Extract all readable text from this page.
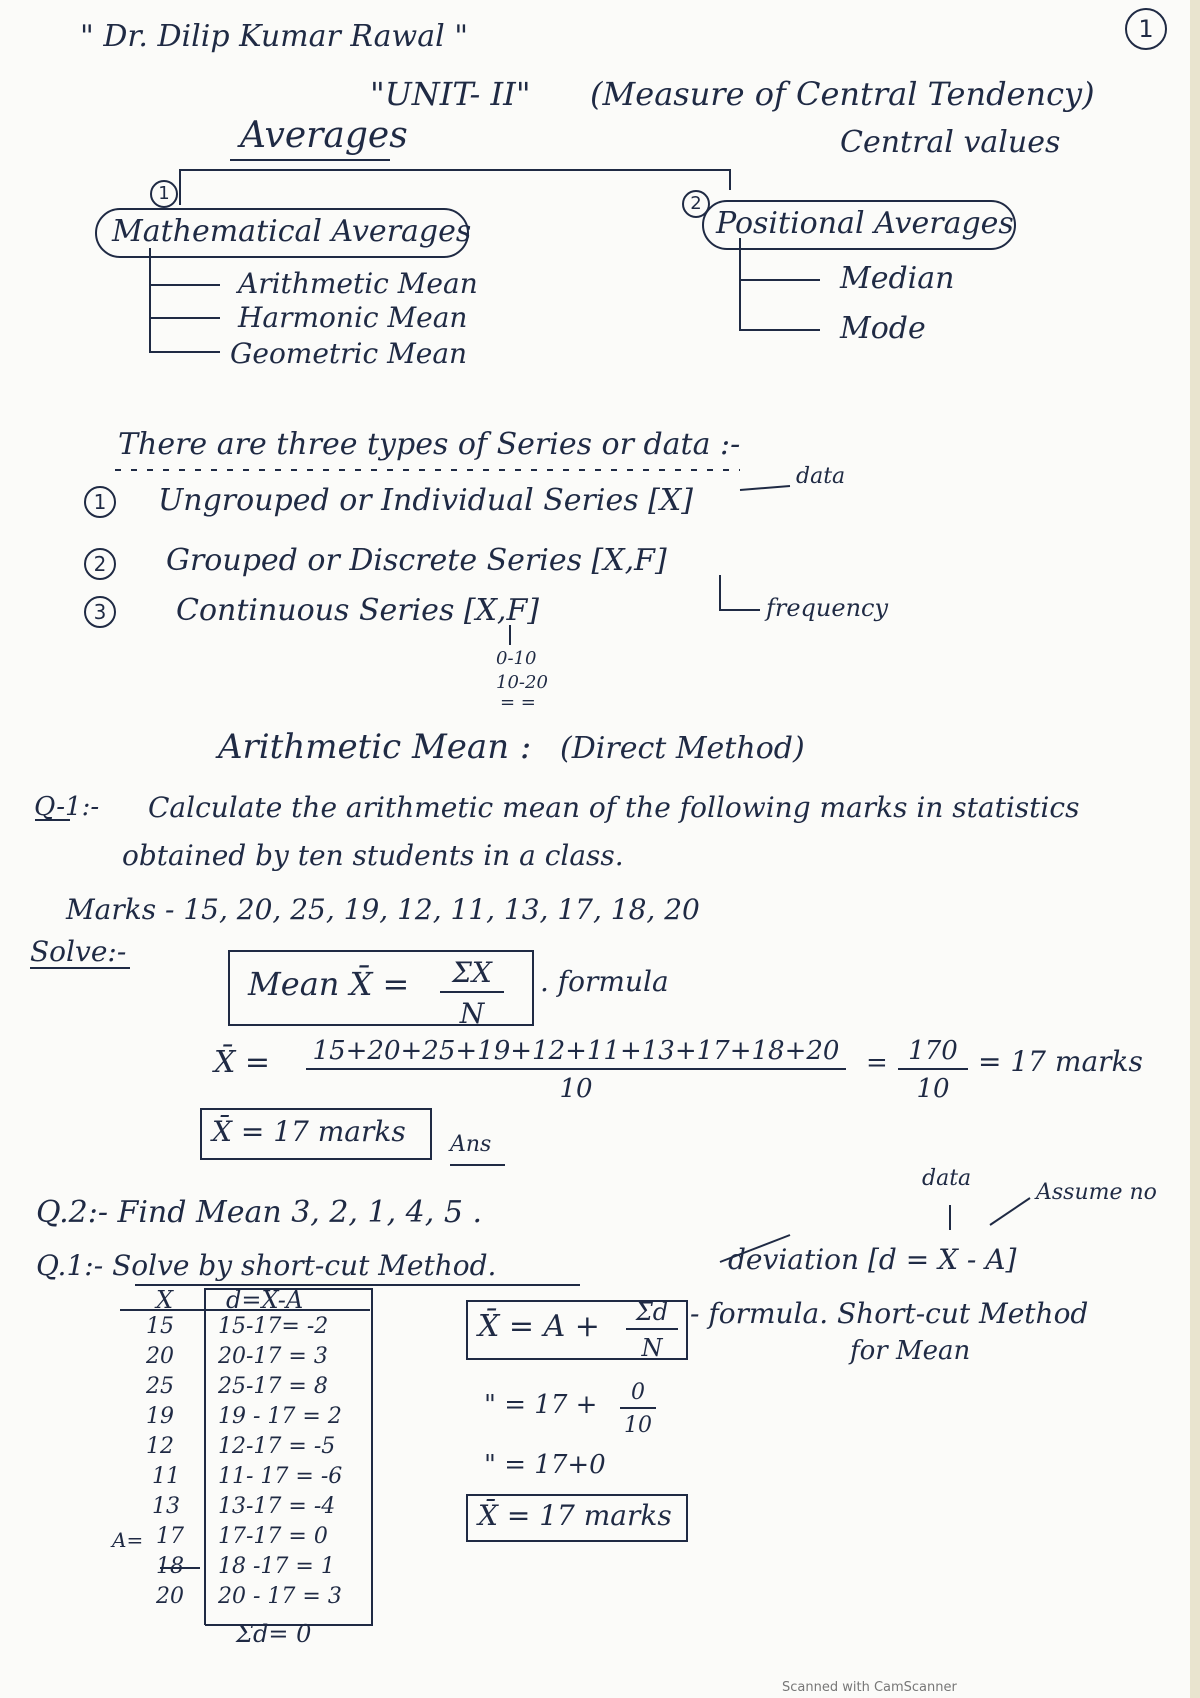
" Dr. Dilip Kumar Rawal "	1
"UNIT- II" (Measure of Central Tendency)
Averages	Central values
1
Mathematical Averages
Arithmetic Mean
Harmonic Mean
Geometric Mean
2
Positional Averages
Median
Mode
There are three types of Series or data :-
data
1	Ungrouped or Individual Series [X]
2	Grouped or Discrete Series [X,F]
3	Continuous Series [X,F]	frequency
0-10
10-20
= =
Arithmetic Mean : (Direct Method)
Q-1:- Calculate the arithmetic mean of the following marks in statistics
obtained by ten students in a class.
Marks - 15, 20, 25, 19, 12, 11, 13, 17, 18, 20
Solve:-
Mean X̄ = $\frac{\Sigma X}{N}$ . formula
X̄ = $\frac{15+20+25+19+12+11+13+17+18+20}{10} = \frac{170}{10} = 17$ marks
X̄ = 17 marks Ans
data
Assume no
Q.2:- Find Mean 3, 2, 1, 4, 5 .
Q.1:- Solve by short-cut Method.	deviation [d = X - A]
X d=X-A
15 15-17= -2
20 20-17 = 3
25 25-17 = 8
19 19 - 17 = 2
12 12-17 = -5
11 11- 17 = -6
13 13-17 = -4
A= 17 17-17 = 0
18 18 -17 = 1
20 20 - 17 = 3
Σd= 0
X̄ = $A + \frac{\Sigma d}{N}$ - formula. Short-cut Method
for Mean
" = $17 + \frac{0}{10}$
" = 17+0
X̄ = 17 marks
Scanned with CamScanner
